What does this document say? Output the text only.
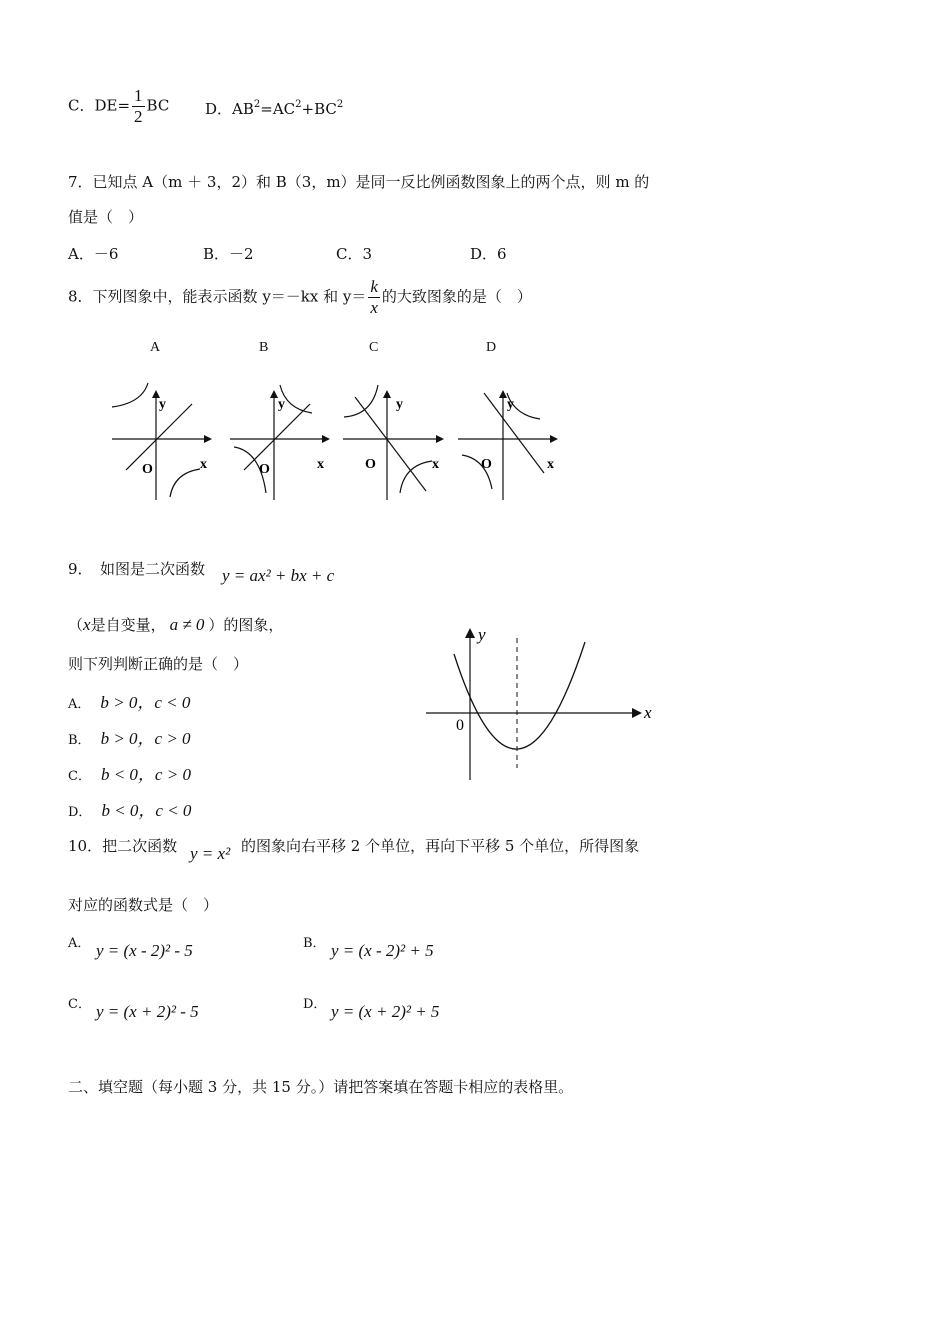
C．$DE= \frac{1}{2}$ BC D．$AB^2=AC^2+BC^2$
7．已知点 A（m ＋ 3，2）和 B（3，m）是同一反比例函数图象上的两个点，则 m 的
值是（　）
A．－6	B．－2	C．3	D．6
8．下列图象中，能表示函数 y＝－kx 和 $y= \frac{k}{x}$ 的大致图象的是（　）
A	B	C	D
y
x
O
y
x
O
y
x
O
y
x
O
9．　如图是二次函数 y = ax² + bx + c
（x是自变量， a ≠ 0 ）的图象，
则下列判断正确的是（　）
A． b > 0，c < 0
B． b > 0，c > 0
C． b < 0，c > 0
D． b < 0，c < 0
y
x
0
10．把二次函数 y = x² 的图象向右平移 2 个单位，再向下平移 5 个单位，所得图象
对应的函数式是（　）
A． y = (x - 2)² - 5	B． y = (x - 2)² + 5
C． y = (x + 2)² - 5	D． y = (x + 2)² + 5
二、填空题（每小题 3 分，共 15 分。）请把答案填在答题卡相应的表格里。
